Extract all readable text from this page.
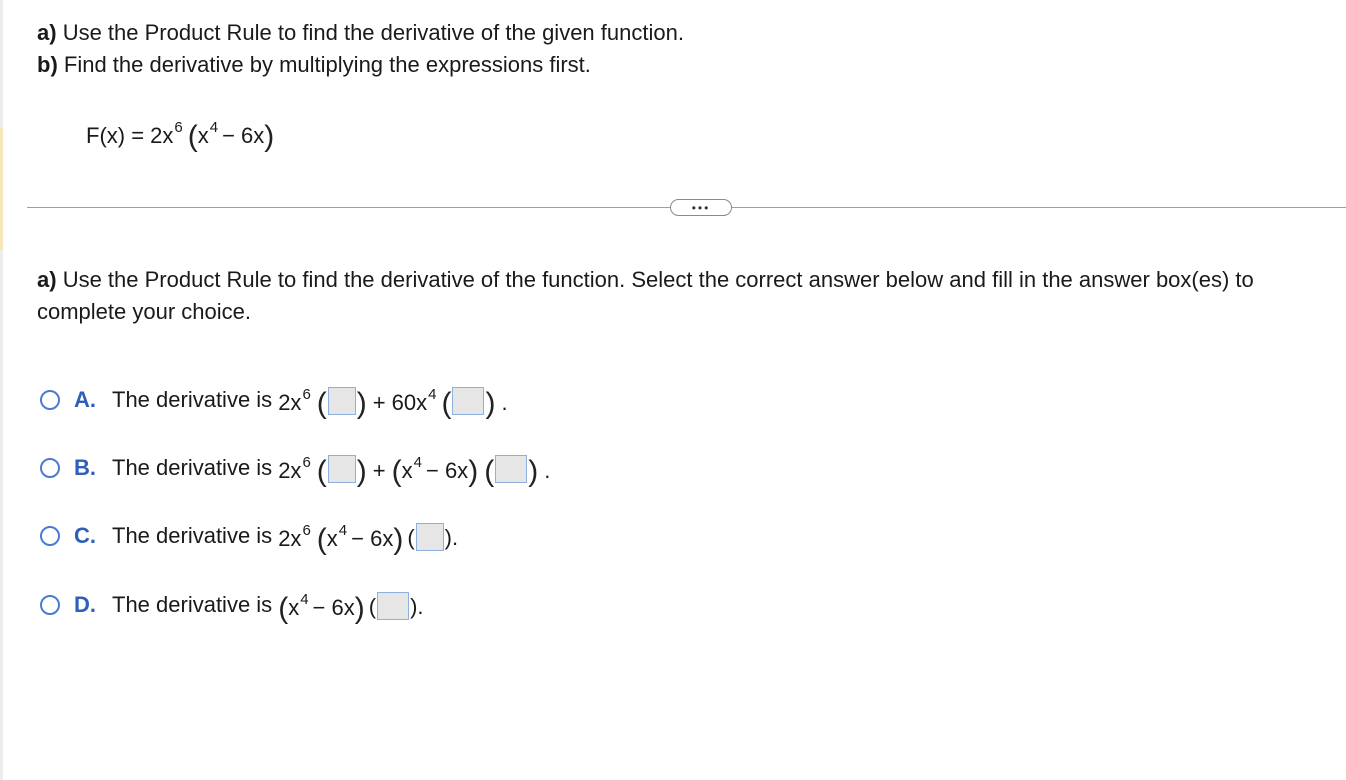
a) Use the Product Rule to find the derivative of the given function.
b) Find the derivative by multiplying the expressions first.
F(x) = 2x 6 ( x 4 − 6x )
•••
a) Use the Product Rule to find the derivative of the function. Select the correct answer below and fill in the answer box(es) to complete your choice.
A. The derivative is 2x 6 ( ) + 60x 4 ( ) .
B. The derivative is 2x 6 ( ) + ( x 4 − 6x ) ( ) .
C. The derivative is 2x 6 ( x 4 − 6x ) ( ).
D. The derivative is ( x 4 − 6x ) ( ).
